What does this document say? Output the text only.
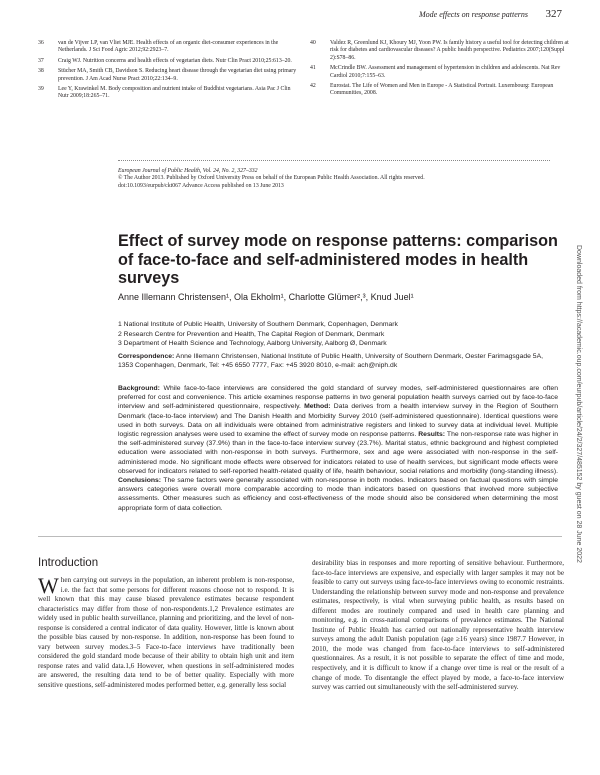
Mode effects on response patterns 327
36	van de Vijver LP, van Vliet MJE. Health effects of an organic diet-consumer experiences in the Netherlands. J Sci Food Agric 2012;92:2923–7.
37	Craig WJ. Nutrition concerns and health effects of vegetarian diets. Nutr Clin Pract 2010;25:613–20.
38	Stücher MA, Smith CB, Davidson S. Reducing heart disease through the vegetarian diet using primary prevention. J Am Acad Nurse Pract 2010;22:134–9.
39	Lee Y, Krawinkel M. Body composition and nutrient intake of Buddhist vegetarians. Asia Pac J Clin Nutr 2009;18:265–71.
40	Valdez R, Greenlund KJ, Khoury MJ, Yoon PW. Is family history a useful tool for detecting children at risk for diabetes and cardiovascular diseases? A public health perspective. Pediatrics 2007;120(Suppl 2):S78–86.
41	McCrindle BW. Assessment and management of hypertension in children and adolescents. Nat Rev Cardiol 2010;7:155–63.
42	Eurostat. The Life of Women and Men in Europe - A Statistical Portrait. Luxembourg: European Communities, 2008.
European Journal of Public Health, Vol. 24, No. 2, 327–332
© The Author 2013. Published by Oxford University Press on behalf of the European Public Health Association. All rights reserved.
doi:10.1093/eurpub/ckt067 Advance Access published on 13 June 2013
Effect of survey mode on response patterns: comparison of face-to-face and self-administered modes in health surveys
Anne Illemann Christensen¹, Ola Ekholm¹, Charlotte Glümer²,³, Knud Juel¹
1 National Institute of Public Health, University of Southern Denmark, Copenhagen, Denmark
2 Research Centre for Prevention and Health, The Capital Region of Denmark, Denmark
3 Department of Health Science and Technology, Aalborg University, Aalborg Ø, Denmark
Correspondence: Anne Illemann Christensen, National Institute of Public Health, University of Southern Denmark, Oester Farimagsgade 5A, 1353 Copenhagen, Denmark, Tel: +45 6550 7777, Fax: +45 3920 8010, e-mail: ach@niph.dk
Background: While face-to-face interviews are considered the gold standard of survey modes, self-administered questionnaires are often preferred for cost and convenience. This article examines response patterns in two general population health surveys carried out by face-to-face interview and self-administered questionnaire, respectively. Method: Data derives from a health interview survey in the Region of Southern Denmark (face-to-face interview) and The Danish Health and Morbidity Survey 2010 (self-administered questionnaire). Identical questions were used in both surveys. Data on all individuals were obtained from administrative registers and linked to survey data at individual level. Multiple logistic regression analyses were used to examine the effect of survey mode on response patterns. Results: The non-response rate was higher in the self-administered survey (37.9%) than in the face-to-face interview survey (23.7%). Marital status, ethnic background and highest completed education were associated with non-response in both surveys. Furthermore, sex and age were associated with non-response in the self-administered mode. No significant mode effects were observed for indicators related to use of health services, but significant mode effects were observed for indicators related to self-reported health-related quality of life, health behaviour, social relations and morbidity (long-standing illness). Conclusions: The same factors were generally associated with non-response in both modes. Indicators based on factual questions with simple answers categories were overall more comparable according to mode than indicators based on questions that involved more subjective assessments. Other measures such as efficiency and cost-effectiveness of the mode should also be considered when determining the most appropriate form of data collection.	Downloaded from https://academic.oup.com/eurpub/article/24/2/327/485152 by guest on 28 June 2022
Introduction
When carrying out surveys in the population, an inherent problem is non-response, i.e. the fact that some persons for different reasons choose not to respond. It is well known that this may cause biased prevalence estimates because respondent characteristics may differ from those of non-respondents.1,2 Prevalence estimates are widely used in public health surveillance, planning and prioritizing, and the level of non-response is considered a central indicator of data quality. However, little is known about the possible bias caused by non-response. In addition, non-response has been found to vary between survey modes.3–5 Face-to-face interviews have traditionally been considered the gold standard mode because of their ability to obtain high unit and item response rates and valid data.1,6 However, when questions in self-administered modes are answered, the resulting data tend to be of better quality. Especially with more sensitive questions, self-administered modes performed better, e.g. generally less social
desirability bias in responses and more reporting of sensitive behaviour. Furthermore, face-to-face interviews are expensive, and especially with larger samples it may not be feasible to carry out surveys using face-to-face interviews owing to economic restraints. Understanding the relationship between survey mode and non-response and prevalence estimates, respectively, is vital when surveying public health, as results based on different modes are routinely compared and used in health care planning and monitoring, e.g. in cross-national comparisons of prevalence estimates. The National Institute of Public Health has carried out nationally representative health interview surveys among the adult Danish population (age ≥16 years) since 1987.7 However, in 2010, the mode was changed from face-to-face interviews to self-administered questionnaires. As a result, it is not possible to separate the effect of time and mode, respectively, and it is difficult to know if a change over time is real or the result of a change of mode. To disentangle the effect played by mode, a face-to-face interview survey was carried out simultaneously with the self-administered survey.
